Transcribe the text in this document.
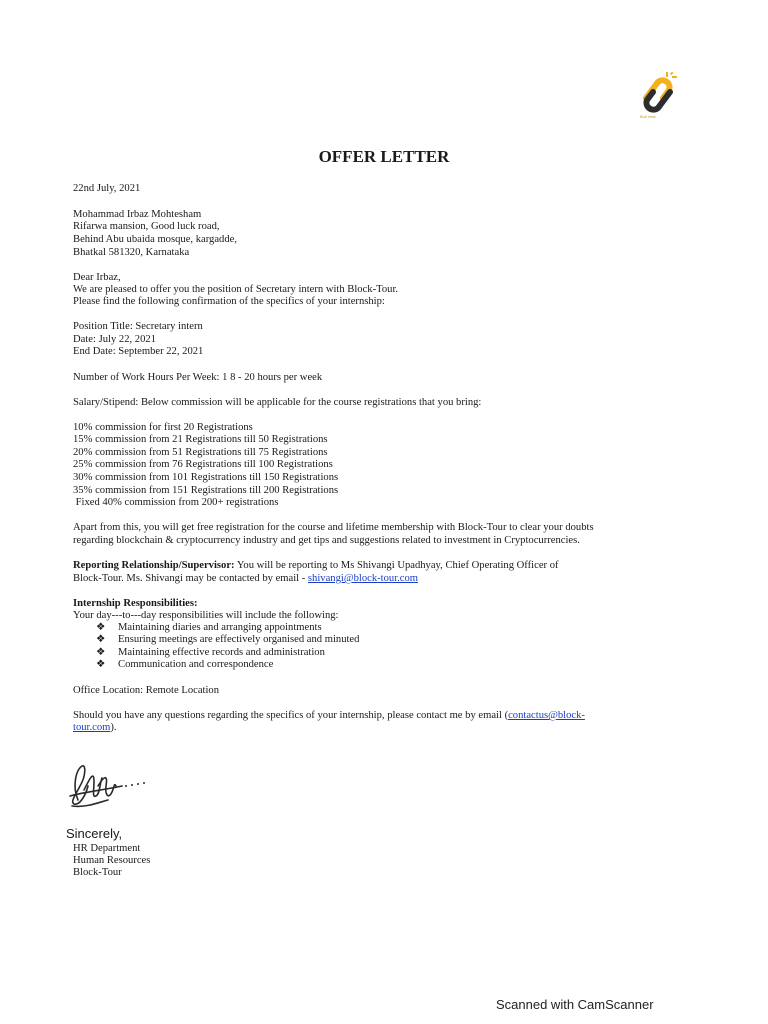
Bull Vest
OFFER LETTER
22nd July, 2021
Mohammad Irbaz Mohtesham
Rifarwa mansion, Good luck road,
Behind Abu ubaida mosque, kargadde,
Bhatkal 581320, Karnataka
Dear Irbaz,
We are pleased to offer you the position of Secretary intern with Block-Tour.
Please find the following confirmation of the specifics of your internship:
Position Title: Secretary intern
Date: July 22, 2021
End Date: September 22, 2021
Number of Work Hours Per Week: 1 8 - 20 hours per week
Salary/Stipend: Below commission will be applicable for the course registrations that you bring:
10% commission for first 20 Registrations
15% commission from 21 Registrations till 50 Registrations
20% commission from 51 Registrations till 75 Registrations
25% commission from 76 Registrations till 100 Registrations
30% commission from 101 Registrations till 150 Registrations
35% commission from 151 Registrations till 200 Registrations
Fixed 40% commission from 200+ registrations
Apart from this, you will get free registration for the course and lifetime membership with Block-Tour to clear your doubts
regarding blockchain & cryptocurrency industry and get tips and suggestions related to investment in Cryptocurrencies.
Reporting Relationship/Supervisor: You will be reporting to Ms Shivangi Upadhyay, Chief Operating Officer of
Block-Tour. Ms. Shivangi may be contacted by email - shivangi@block-tour.com
Internship Responsibilities:
Your day---to---day responsibilities will include the following:
❖ Maintaining diaries and arranging appointments
❖ Ensuring meetings are effectively organised and minuted
❖ Maintaining effective records and administration
❖ Communication and correspondence
Office Location: Remote Location
Should you have any questions regarding the specifics of your internship, please contact me by email (contactus@block-
tour.com).
Sincerely,
HR Department
Human Resources
Block-Tour
Scanned with CamScanner
